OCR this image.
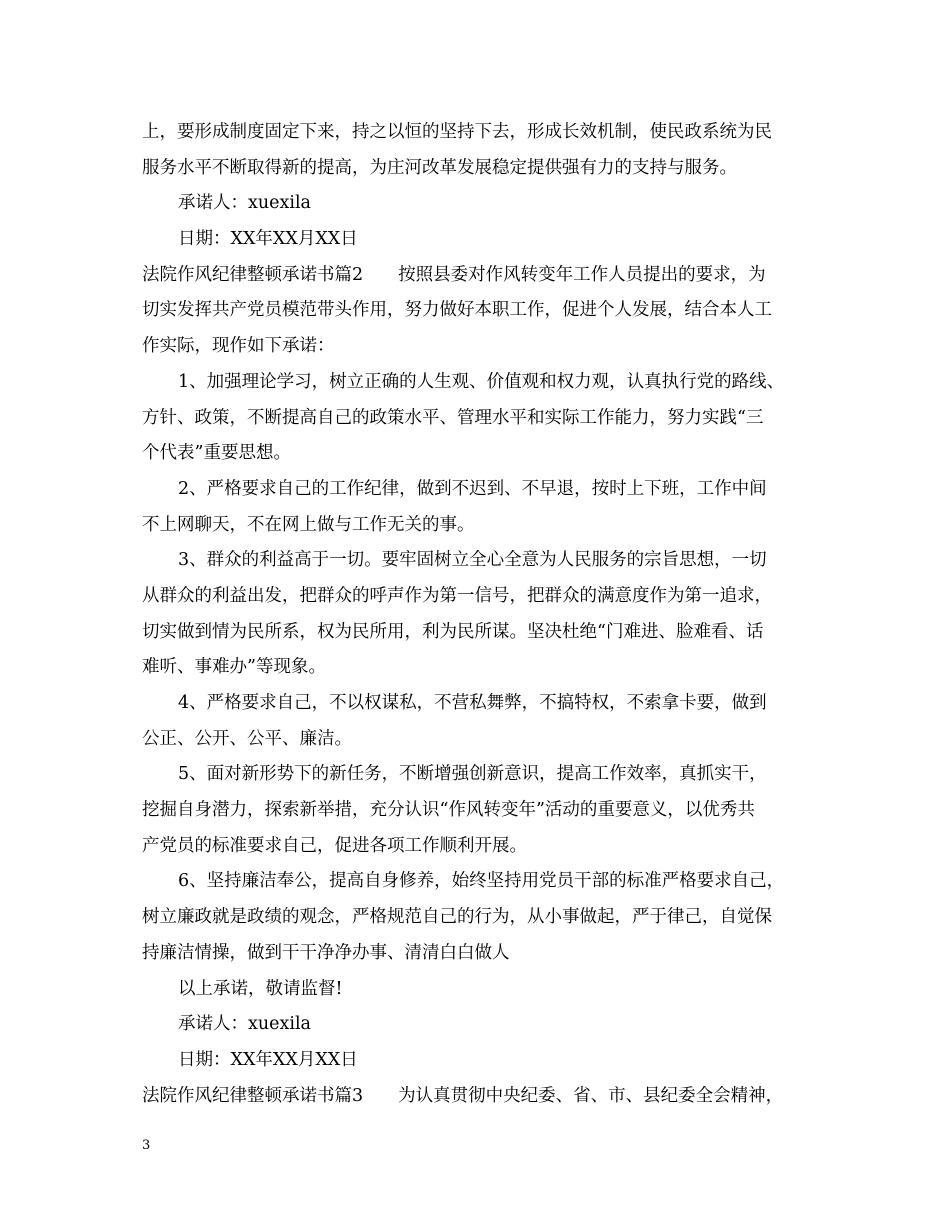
上，要形成制度固定下来，持之以恒的坚持下去，形成长效机制，使民政系统为民
服务水平不断取得新的提高，为庄河改革发展稳定提供强有力的支持与服务。
承诺人：xuexila
日期：XX年XX月XX日
法院作风纪律整顿承诺书篇2　　按照县委对作风转变年工作人员提出的要求，为
切实发挥共产党员模范带头作用，努力做好本职工作，促进个人发展，结合本人工
作实际，现作如下承诺：
1、加强理论学习，树立正确的人生观、价值观和权力观，认真执行党的路线、
方针、政策，不断提高自己的政策水平、管理水平和实际工作能力，努力实践“三
个代表”重要思想。
2、严格要求自己的工作纪律，做到不迟到、不早退，按时上下班，工作中间
不上网聊天，不在网上做与工作无关的事。
3、群众的利益高于一切。要牢固树立全心全意为人民服务的宗旨思想，一切
从群众的利益出发，把群众的呼声作为第一信号，把群众的满意度作为第一追求，
切实做到情为民所系，权为民所用，利为民所谋。坚决杜绝“门难进、脸难看、话
难听、事难办”等现象。
4、严格要求自己，不以权谋私，不营私舞弊，不搞特权，不索拿卡要，做到
公正、公开、公平、廉洁。
5、面对新形势下的新任务，不断增强创新意识，提高工作效率，真抓实干，
挖掘自身潜力，探索新举措，充分认识“作风转变年”活动的重要意义，以优秀共
产党员的标准要求自己，促进各项工作顺利开展。
6、坚持廉洁奉公，提高自身修养，始终坚持用党员干部的标准严格要求自己，
树立廉政就是政绩的观念，严格规范自己的行为，从小事做起，严于律己，自觉保
持廉洁情操，做到干干净净办事、清清白白做人
以上承诺，敬请监督!
承诺人：xuexila
日期：XX年XX月XX日
法院作风纪律整顿承诺书篇3　　为认真贯彻中央纪委、省、市、县纪委全会精神，
3
